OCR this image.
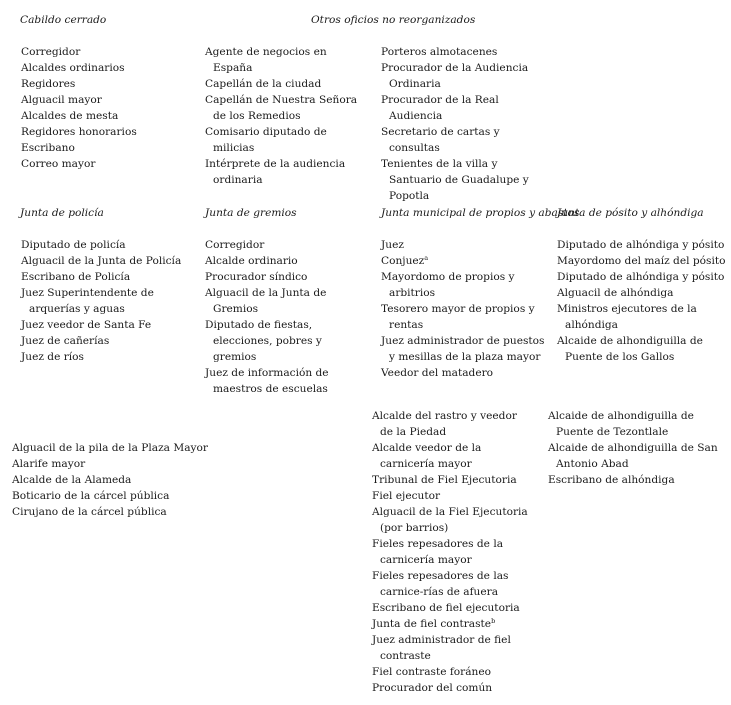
Cabildo cerrado	Otros oficios no reorganizados
Corregidor
Alcaldes ordinarios
Regidores
Alguacil mayor
Alcaldes de mesta
Regidores honorarios
Escribano
Correo mayor
Agente de negocios en España
Capellán de la ciudad
Capellán de Nuestra Señora de los Remedios
Comisario diputado de milicias
Intérprete de la audiencia ordinaria
Porteros almotacenes
Procurador de la Audiencia Ordinaria
Procurador de la Real Audiencia
Secretario de cartas y consultas
Tenientes de la villa y Santuario de Guadalupe y Popotla
Junta de policía	Junta de gremios	Junta municipal de propios y abastos
Junta de pósito y alhóndiga
Diputado de policía
Alguacil de la Junta de Policía
Escribano de Policía
Juez Superintendente de arquerías y aguas
Juez veedor de Santa Fe
Juez de cañerías
Juez de ríos
Corregidor
Alcalde ordinario
Procurador síndico
Alguacil de la Junta de Gremios
Diputado de fiestas, elecciones, pobres y gremios
Juez de información de maestros de escuelas
Juez
Conjuez$^a$
Mayordomo de propios y arbitrios
Tesorero mayor de propios y rentas
Juez administrador de puestos y mesillas de la plaza mayor
Veedor del matadero
Diputado de alhóndiga y pósito
Mayordomo del maíz del pósito
Diputado de alhóndiga y pósito
Alguacil de alhóndiga
Ministros ejecutores de la alhóndiga
Alcaide de alhondiguilla de Puente de los Gallos
Alguacil de la pila de la Plaza Mayor
Alarife mayor
Alcalde de la Alameda
Boticario de la cárcel pública
Cirujano de la cárcel pública
Alcalde del rastro y veedor de la Piedad
Alcalde veedor de la carnicería mayor
Tribunal de Fiel Ejecutoria
Fiel ejecutor
Alguacil de la Fiel Ejecutoria (por barrios)
Fieles repesadores de la carnicería mayor
Fieles repesadores de las carnice-rías de afuera
Escribano de fiel ejecutoria
Junta de fiel contraste$^b$
Juez administrador de fiel contraste
Fiel contraste foráneo
Procurador del común
Alcaide de alhondiguilla de Puente de Tezontlale
Alcaide de alhondiguilla de San Antonio Abad
Escribano de alhóndiga
